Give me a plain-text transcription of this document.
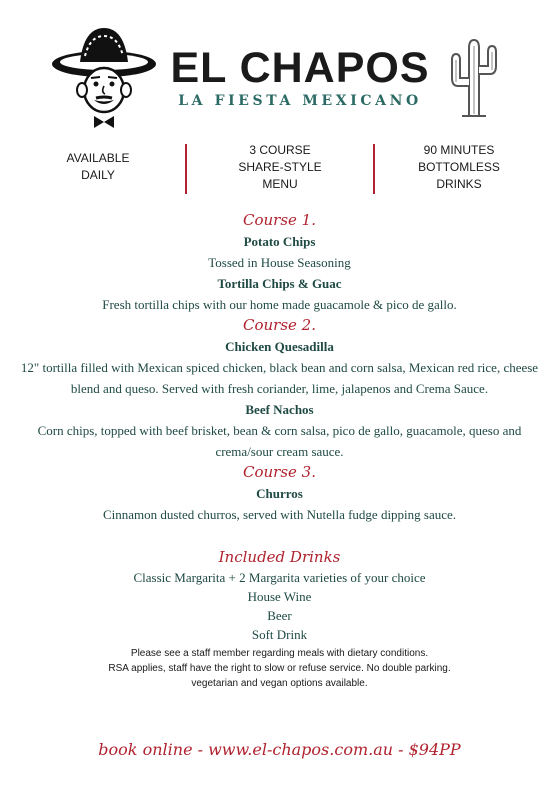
EL CHAPOS
LA FIESTA MEXICANO
AVAILABLE
DAILY
3 COURSE
SHARE-STYLE
MENU
90 MINUTES
BOTTOMLESS
DRINKS
Course 1.
Potato Chips
Tossed in House Seasoning
Tortilla Chips & Guac
Fresh tortilla chips with our home made guacamole & pico de gallo.
Course 2.
Chicken Quesadilla
12" tortilla filled with Mexican spiced chicken, black bean and corn salsa, Mexican red rice, cheese blend and queso. Served with fresh coriander, lime, jalapenos and Crema Sauce.
Beef Nachos
Corn chips, topped with beef brisket, bean & corn salsa, pico de gallo, guacamole, queso and crema/sour cream sauce.
Course 3.
Churros
Cinnamon dusted churros, served with Nutella fudge dipping sauce.
Included Drinks
Classic Margarita + 2 Margarita varieties of your choice
House Wine
Beer
Soft Drink
Please see a staff member regarding meals with dietary conditions.
RSA applies, staff have the right to slow or refuse service. No double parking.
vegetarian and vegan options available.
book online - www.el-chapos.com.au - $94PP
